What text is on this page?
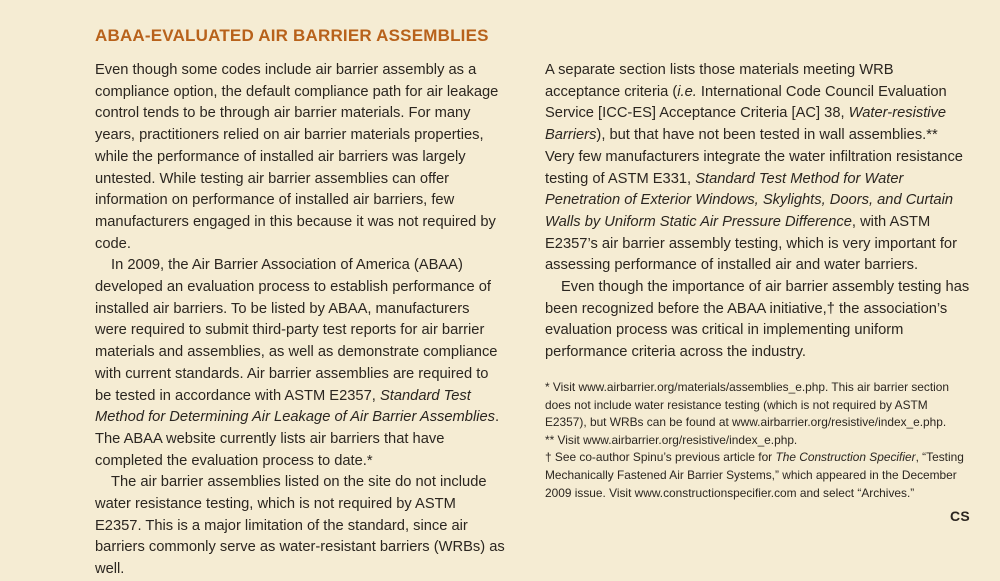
ABAA-EVALUATED AIR BARRIER ASSEMBLIES

Even though some codes include air barrier assembly as a compliance option, the default compliance path for air leakage control tends to be through air barrier materials. For many years, practitioners relied on air barrier materials properties, while the performance of installed air barriers was largely untested. While testing air barrier assemblies can offer information on performance of installed air barriers, few manufacturers engaged in this because it was not required by code.

In 2009, the Air Barrier Association of America (ABAA) developed an evaluation process to establish performance of installed air barriers. To be listed by ABAA, manufacturers were required to submit third-party test reports for air barrier materials and assemblies, as well as demonstrate compliance with current standards. Air barrier assemblies are required to be tested in accordance with ASTM E2357, Standard Test Method for Determining Air Leakage of Air Barrier Assemblies. The ABAA website currently lists air barriers that have completed the evaluation process to date.*

The air barrier assemblies listed on the site do not include water resistance testing, which is not required by ASTM E2357. This is a major limitation of the standard, since air barriers commonly serve as water-resistant barriers (WRBs) as well.

A separate section lists those materials meeting WRB acceptance criteria (i.e. International Code Council Evaluation Service [ICC-ES] Acceptance Criteria [AC] 38, Water-resistive Barriers), but that have not been tested in wall assemblies.** Very few manufacturers integrate the water infiltration resistance testing of ASTM E331, Standard Test Method for Water Penetration of Exterior Windows, Skylights, Doors, and Curtain Walls by Uniform Static Air Pressure Difference, with ASTM E2357’s air barrier assembly testing, which is very important for assessing performance of installed air and water barriers.

Even though the importance of air barrier assembly testing has been recognized before the ABAA initiative,† the association’s evaluation process was critical in implementing uniform performance criteria across the industry.

* Visit www.airbarrier.org/materials/assemblies_e.php. This air barrier section does not include water resistance testing (which is not required by ASTM E2357), but WRBs can be found at www.airbarrier.org/resistive/index_e.php.

** Visit www.airbarrier.org/resistive/index_e.php.

† See co-author Spinu’s previous article for The Construction Specifier, “Testing Mechanically Fastened Air Barrier Systems,” which appeared in the December 2009 issue. Visit www.constructionspecifier.com and select “Archives.”

CS
